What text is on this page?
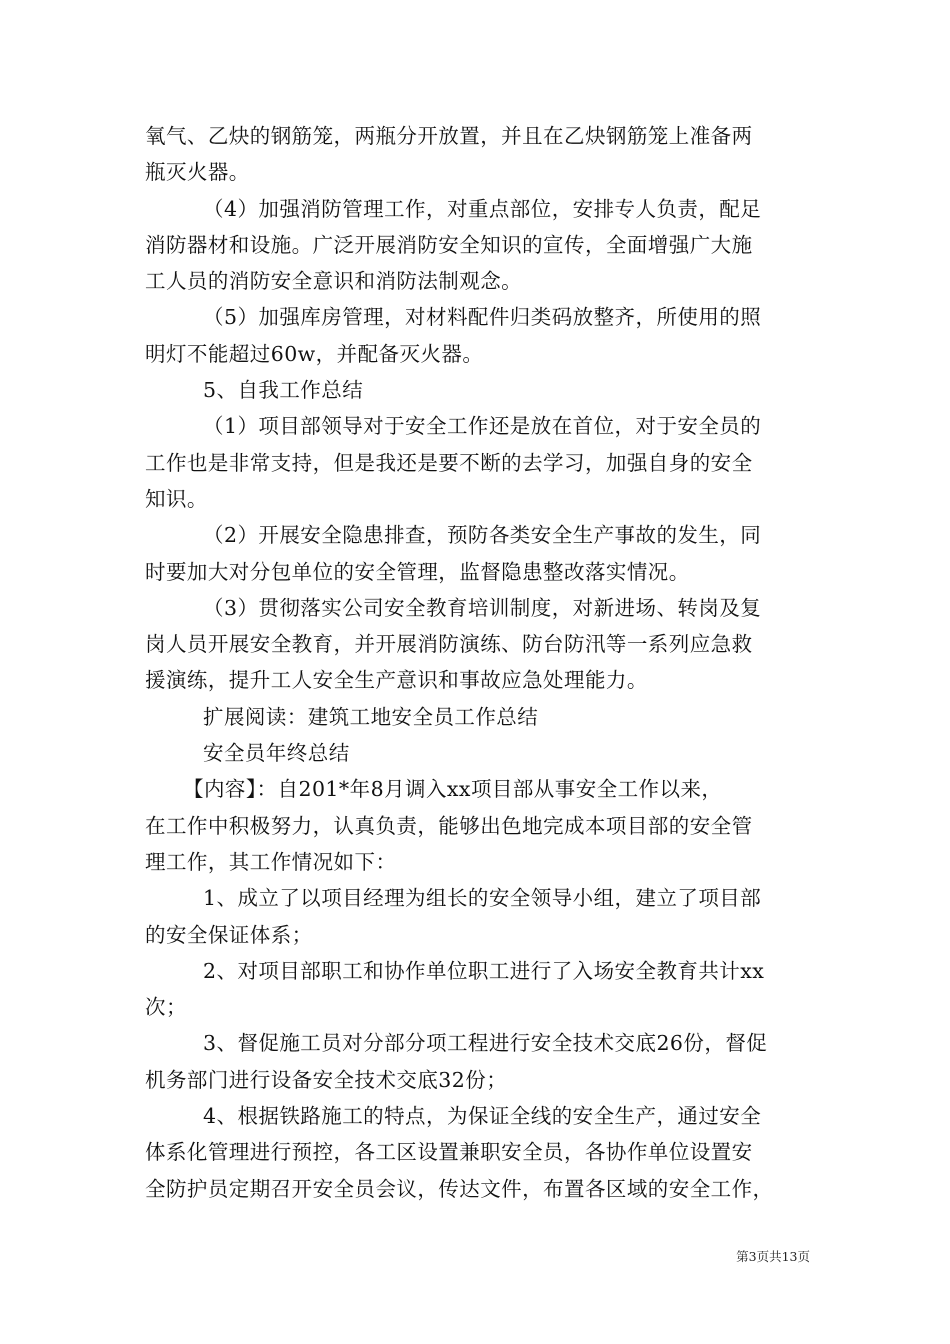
氧气、乙炔的钢筋笼，两瓶分开放置，并且在乙炔钢筋笼上准备两
瓶灭火器。
（4）加强消防管理工作，对重点部位，安排专人负责，配足
消防器材和设施。广泛开展消防安全知识的宣传，全面增强广大施
工人员的消防安全意识和消防法制观念。
（5）加强库房管理，对材料配件归类码放整齐，所使用的照
明灯不能超过60w，并配备灭火器。
5、自我工作总结
（1）项目部领导对于安全工作还是放在首位，对于安全员的
工作也是非常支持，但是我还是要不断的去学习，加强自身的安全
知识。
（2）开展安全隐患排查，预防各类安全生产事故的发生，同
时要加大对分包单位的安全管理，监督隐患整改落实情况。
（3）贯彻落实公司安全教育培训制度，对新进场、转岗及复
岗人员开展安全教育，并开展消防演练、防台防汛等一系列应急救
援演练，提升工人安全生产意识和事故应急处理能力。
扩展阅读：建筑工地安全员工作总结
安全员年终总结
【内容】：自201*年8月调入xx项目部从事安全工作以来，
在工作中积极努力，认真负责，能够出色地完成本项目部的安全管
理工作，其工作情况如下：
1、成立了以项目经理为组长的安全领导小组，建立了项目部
的安全保证体系；
2、对项目部职工和协作单位职工进行了入场安全教育共计xx
次；
3、督促施工员对分部分项工程进行安全技术交底26份，督促
机务部门进行设备安全技术交底32份；
4、根据铁路施工的特点，为保证全线的安全生产，通过安全
体系化管理进行预控，各工区设置兼职安全员，各协作单位设置安
全防护员定期召开安全员会议，传达文件，布置各区域的安全工作，
第3页共13页
